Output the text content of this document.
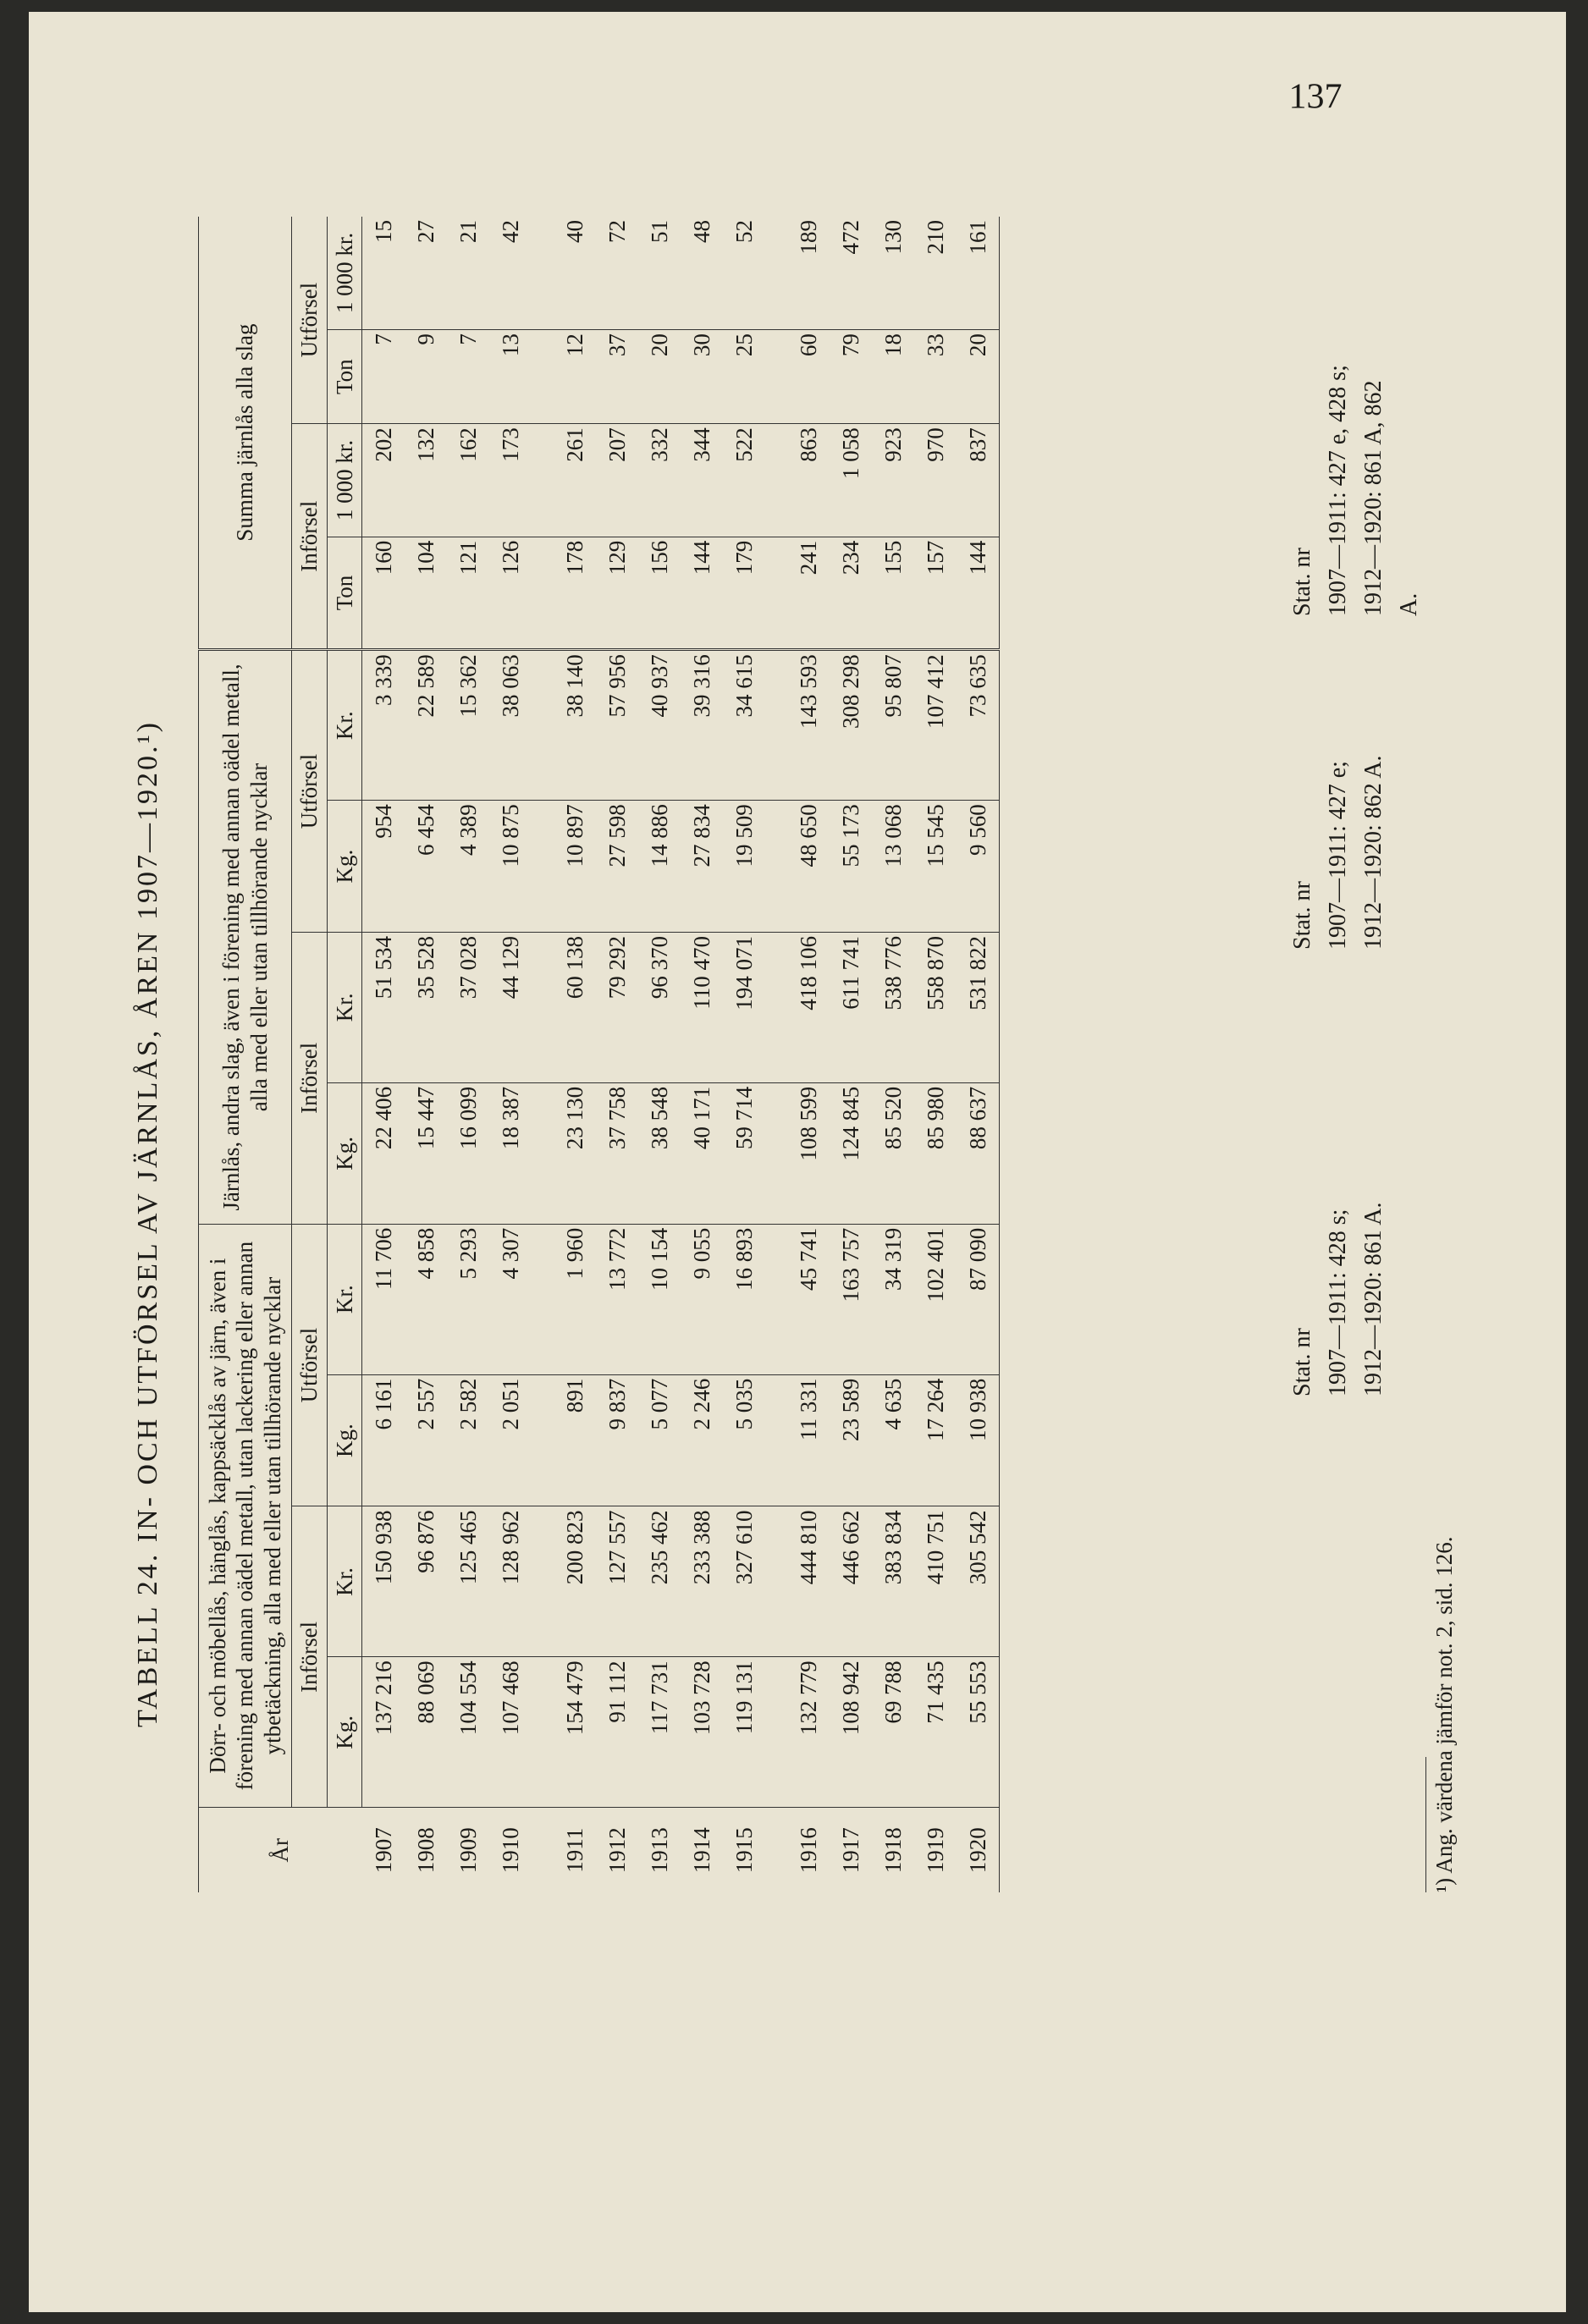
137
TABELL 24. IN- OCH UTFÖRSEL AV JÄRNLÅS, ÅREN 1907—1920.¹)
År	Dörr- och möbellås, hänglås, kappsäcklås av järn, även i förening med annan oädel metall, utan lackering eller annan ytbetäckning, alla med eller utan tillhörande nycklar				Järnlås, andra slag, även i förening med annan oädel metall, alla med eller utan tillhörande nycklar				Summa järnlås alla slag			
	Införsel		Utförsel		Införsel		Utförsel		Införsel		Utförsel	
	Kg.	Kr.	Kg.	Kr.	Kg.	Kr.	Kg.	Kr.	Ton	1 000 kr.	Ton	1 000 kr.
1907	137 216	150 938	6 161	11 706	22 406	51 534	954	3 339	160	202	7	15
1908	88 069	96 876	2 557	4 858	15 447	35 528	6 454	22 589	104	132	9	27
1909	104 554	125 465	2 582	5 293	16 099	37 028	4 389	15 362	121	162	7	21
1910	107 468	128 962	2 051	4 307	18 387	44 129	10 875	38 063	126	173	13	42
1911	154 479	200 823	891	1 960	23 130	60 138	10 897	38 140	178	261	12	40
1912	91 112	127 557	9 837	13 772	37 758	79 292	27 598	57 956	129	207	37	72
1913	117 731	235 462	5 077	10 154	38 548	96 370	14 886	40 937	156	332	20	51
1914	103 728	233 388	2 246	9 055	40 171	110 470	27 834	39 316	144	344	30	48
1915	119 131	327 610	5 035	16 893	59 714	194 071	19 509	34 615	179	522	25	52
1916	132 779	444 810	11 331	45 741	108 599	418 106	48 650	143 593	241	863	60	189
1917	108 942	446 662	23 589	163 757	124 845	611 741	55 173	308 298	234	1 058	79	472
1918	69 788	383 834	4 635	34 319	85 520	538 776	13 068	95 807	155	923	18	130
1919	71 435	410 751	17 264	102 401	85 980	558 870	15 545	107 412	157	970	33	210
1920	55 553	305 542	10 938	87 090	88 637	531 822	9 560	73 635	144	837	20	161
Stat. nr 1907—1911: 428 s; 1912—1920: 861 A.
Stat. nr 1907—1911: 427 e; 1912—1920: 862 A.
Stat. nr 1907—1911: 427 e, 428 s; 1912—1920: 861 A, 862 A.
¹) Ang. värdena jämför not. 2, sid. 126.
